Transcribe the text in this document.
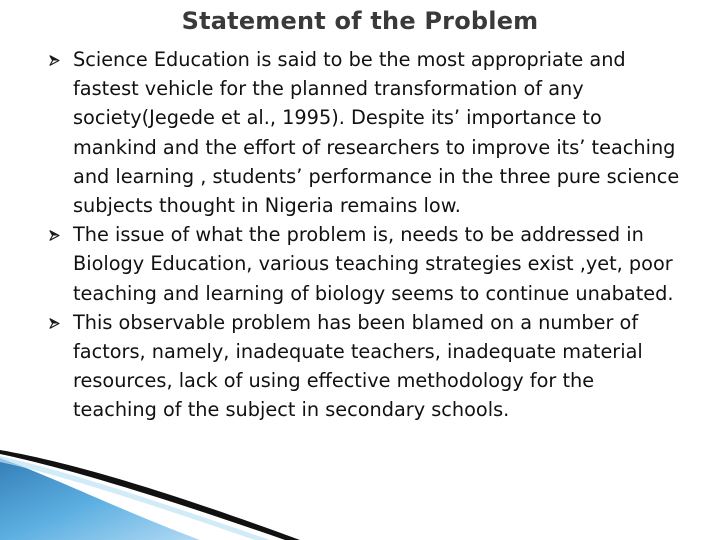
Statement of the Problem
Science Education is said to be the most appropriate and fastest vehicle for the planned transformation of any society(Jegede et al., 1995). Despite its’ importance to mankind and the effort of researchers to improve its’ teaching and learning , students’ performance in the three pure science subjects thought in Nigeria remains low.
The issue of what the problem is, needs to be addressed in Biology Education, various teaching strategies exist ,yet, poor teaching and learning of biology seems to continue unabated.
This observable problem has been blamed on a number of factors, namely, inadequate teachers, inadequate material resources, lack of using effective methodology for the teaching of the subject in secondary schools.
